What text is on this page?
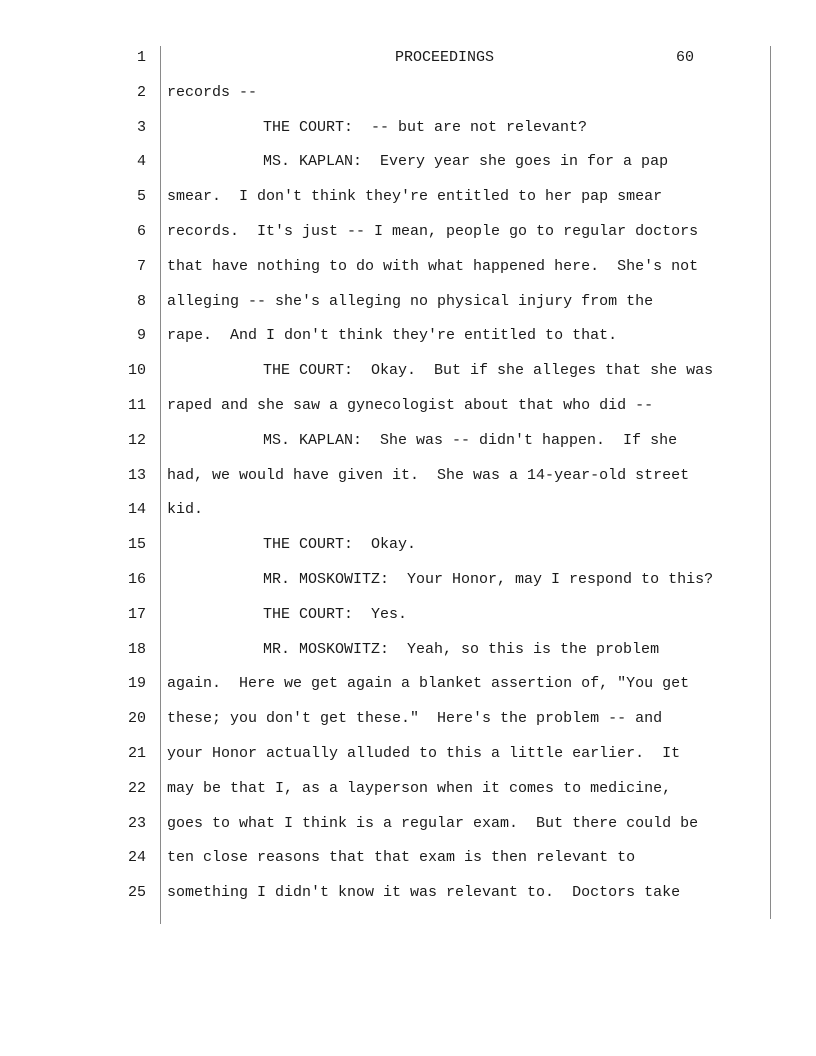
PROCEEDINGS	60
1
2 records --
3	THE COURT:  -- but are not relevant?
4	MS. KAPLAN:  Every year she goes in for a pap
5 smear.  I don't think they're entitled to her pap smear
6 records.  It's just -- I mean, people go to regular doctors
7 that have nothing to do with what happened here.  She's not
8 alleging -- she's alleging no physical injury from the
9 rape.  And I don't think they're entitled to that.
10	THE COURT:  Okay.  But if she alleges that she was
11 raped and she saw a gynecologist about that who did --
12	MS. KAPLAN:  She was -- didn't happen.  If she
13 had, we would have given it.  She was a 14-year-old street
14 kid.
15	THE COURT:  Okay.
16	MR. MOSKOWITZ:  Your Honor, may I respond to this?
17	THE COURT:  Yes.
18	MR. MOSKOWITZ:  Yeah, so this is the problem
19 again.  Here we get again a blanket assertion of, "You get
20 these; you don't get these."  Here's the problem -- and
21 your Honor actually alluded to this a little earlier.  It
22 may be that I, as a layperson when it comes to medicine,
23 goes to what I think is a regular exam.  But there could be
24 ten close reasons that that exam is then relevant to
25 something I didn't know it was relevant to.  Doctors take
